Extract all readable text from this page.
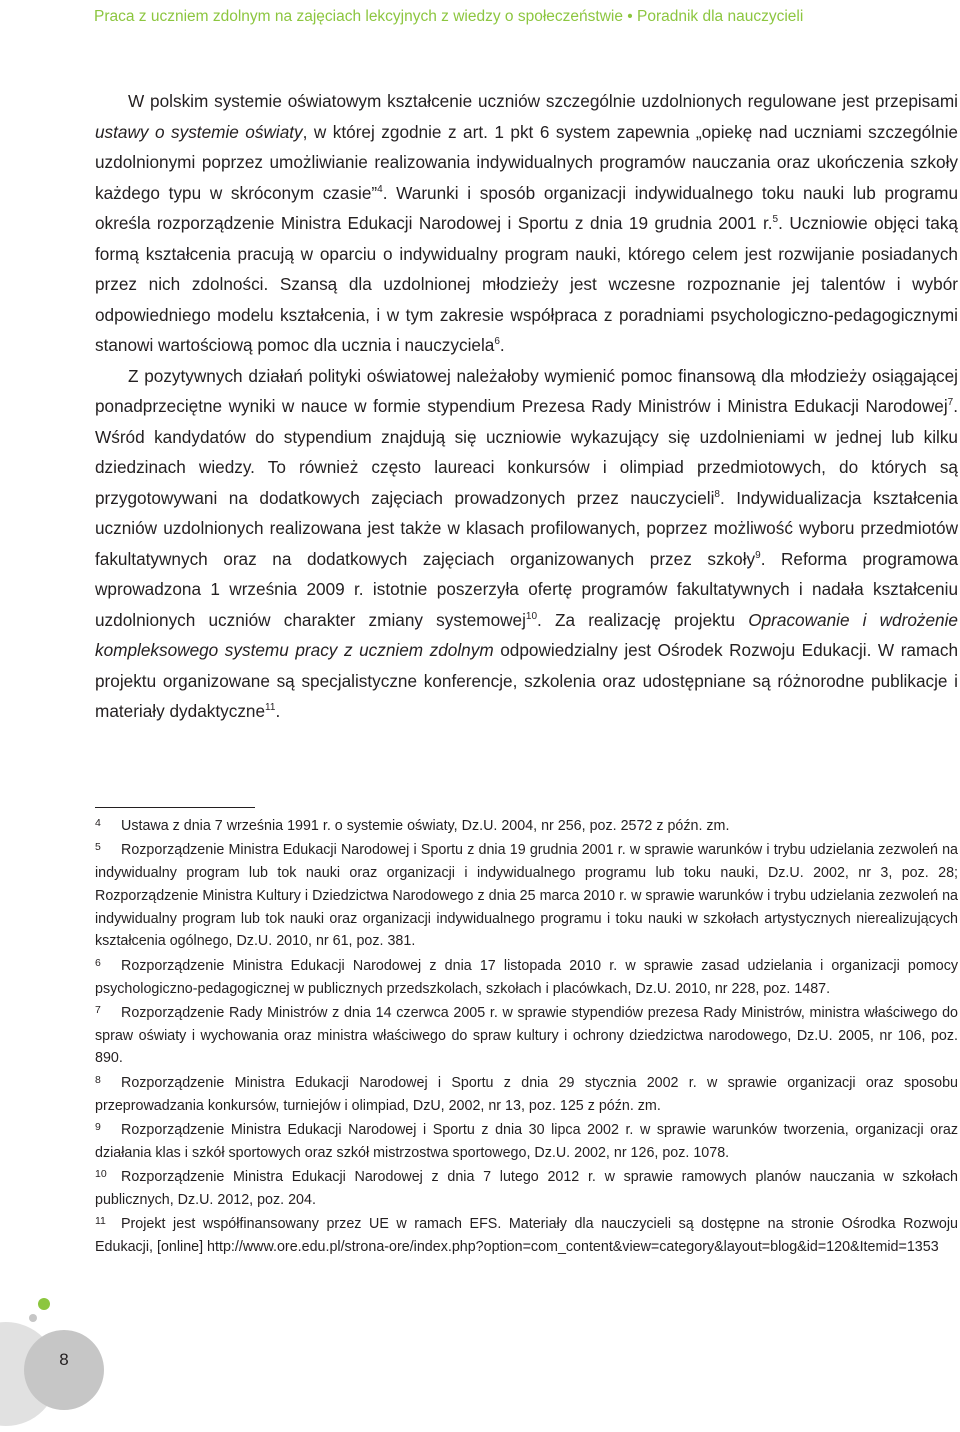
Praca z uczniem zdolnym na zajęciach lekcyjnych z wiedzy o społeczeństwie • Poradnik dla nauczycieli

W polskim systemie oświatowym kształcenie uczniów szczególnie uzdolnionych regulowane jest przepisami ustawy o systemie oświaty, w której zgodnie z art. 1 pkt 6 system zapewnia „opiekę nad uczniami szczególnie uzdolnionymi poprzez umożliwianie realizowania indywidualnych programów nauczania oraz ukończenia szkoły każdego typu w skróconym czasie”$^4$. Warunki i sposób organizacji indywidualnego toku nauki lub programu określa rozporządzenie Ministra Edukacji Narodowej i Sportu z dnia 19 grudnia 2001 r.$^5$. Uczniowie objęci taką formą kształcenia pracują w oparciu o indywidualny program nauki, którego celem jest rozwijanie posiadanych przez nich zdolności. Szansą dla uzdolnionej młodzieży jest wczesne rozpoznanie jej talentów i wybór odpowiedniego modelu kształcenia, i w tym zakresie współpraca z poradniami psychologiczno-pedagogicznymi stanowi wartościową pomoc dla ucznia i nauczyciela$^6$.

Z pozytywnych działań polityki oświatowej należałoby wymienić pomoc finansową dla młodzieży osiągającej ponadprzeciętne wyniki w nauce w formie stypendium Prezesa Rady Ministrów i Ministra Edukacji Narodowej$^7$. Wśród kandydatów do stypendium znajdują się uczniowie wykazujący się uzdolnieniami w jednej lub kilku dziedzinach wiedzy. To również często laureaci konkursów i olimpiad przedmiotowych, do których są przygotowywani na dodatkowych zajęciach prowadzonych przez nauczycieli$^8$. Indywidualizacja kształcenia uczniów uzdolnionych realizowana jest także w klasach profilowanych, poprzez możliwość wyboru przedmiotów fakultatywnych oraz na dodatkowych zajęciach organizowanych przez szkoły$^9$. Reforma programowa wprowadzona 1 września 2009 r. istotnie poszerzyła ofertę programów fakultatywnych i nadała kształceniu uzdolnionych uczniów charakter zmiany systemowej$^{10}$. Za realizację projektu Opracowanie i wdrożenie kompleksowego systemu pracy z uczniem zdolnym odpowiedzialny jest Ośrodek Rozwoju Edukacji. W ramach projektu organizowane są specjalistyczne konferencje, szkolenia oraz udostępniane są różnorodne publikacje i materiały dydaktyczne$^{11}$.

4 Ustawa z dnia 7 września 1991 r. o systemie oświaty, Dz.U. 2004, nr 256, poz. 2572 z późn. zm.

5 Rozporządzenie Ministra Edukacji Narodowej i Sportu z dnia 19 grudnia 2001 r. w sprawie warunków i trybu udzielania zezwoleń na indywidualny program lub tok nauki oraz organizacji i indywidualnego programu lub toku nauki, Dz.U. 2002, nr 3, poz. 28; Rozporządzenie Ministra Kultury i Dziedzictwa Narodowego z dnia 25 marca 2010 r. w sprawie warunków i trybu udzielania zezwoleń na indywidualny program lub tok nauki oraz organizacji indywidualnego programu i toku nauki w szkołach artystycznych nierealizujących kształcenia ogólnego, Dz.U. 2010, nr 61, poz. 381.

6 Rozporządzenie Ministra Edukacji Narodowej z dnia 17 listopada 2010 r. w sprawie zasad udzielania i organizacji pomocy psychologiczno-pedagogicznej w publicznych przedszkolach, szkołach i placówkach, Dz.U. 2010, nr 228, poz. 1487.

7 Rozporządzenie Rady Ministrów z dnia 14 czerwca 2005 r. w sprawie stypendiów prezesa Rady Ministrów, ministra właściwego do spraw oświaty i wychowania oraz ministra właściwego do spraw kultury i ochrony dziedzictwa narodowego, Dz.U. 2005, nr 106, poz. 890.

8 Rozporządzenie Ministra Edukacji Narodowej i Sportu z dnia 29 stycznia 2002 r. w sprawie organizacji oraz sposobu przeprowadzania konkursów, turniejów i olimpiad, DzU, 2002, nr 13, poz. 125 z późn. zm.

9 Rozporządzenie Ministra Edukacji Narodowej i Sportu z dnia 30 lipca 2002 r. w sprawie warunków tworzenia, organizacji oraz działania klas i szkół sportowych oraz szkół mistrzostwa sportowego, Dz.U. 2002, nr 126, poz. 1078.

10 Rozporządzenie Ministra Edukacji Narodowej z dnia 7 lutego 2012 r. w sprawie ramowych planów nauczania w szkołach publicznych, Dz.U. 2012, poz. 204.

11 Projekt jest współfinansowany przez UE w ramach EFS. Materiały dla nauczycieli są dostępne na stronie Ośrodka Rozwoju Edukacji, [online] http://www.ore.edu.pl/strona-ore/index.php?option=com_content&view=category&layout=blog&id=120&Itemid=1353

8
